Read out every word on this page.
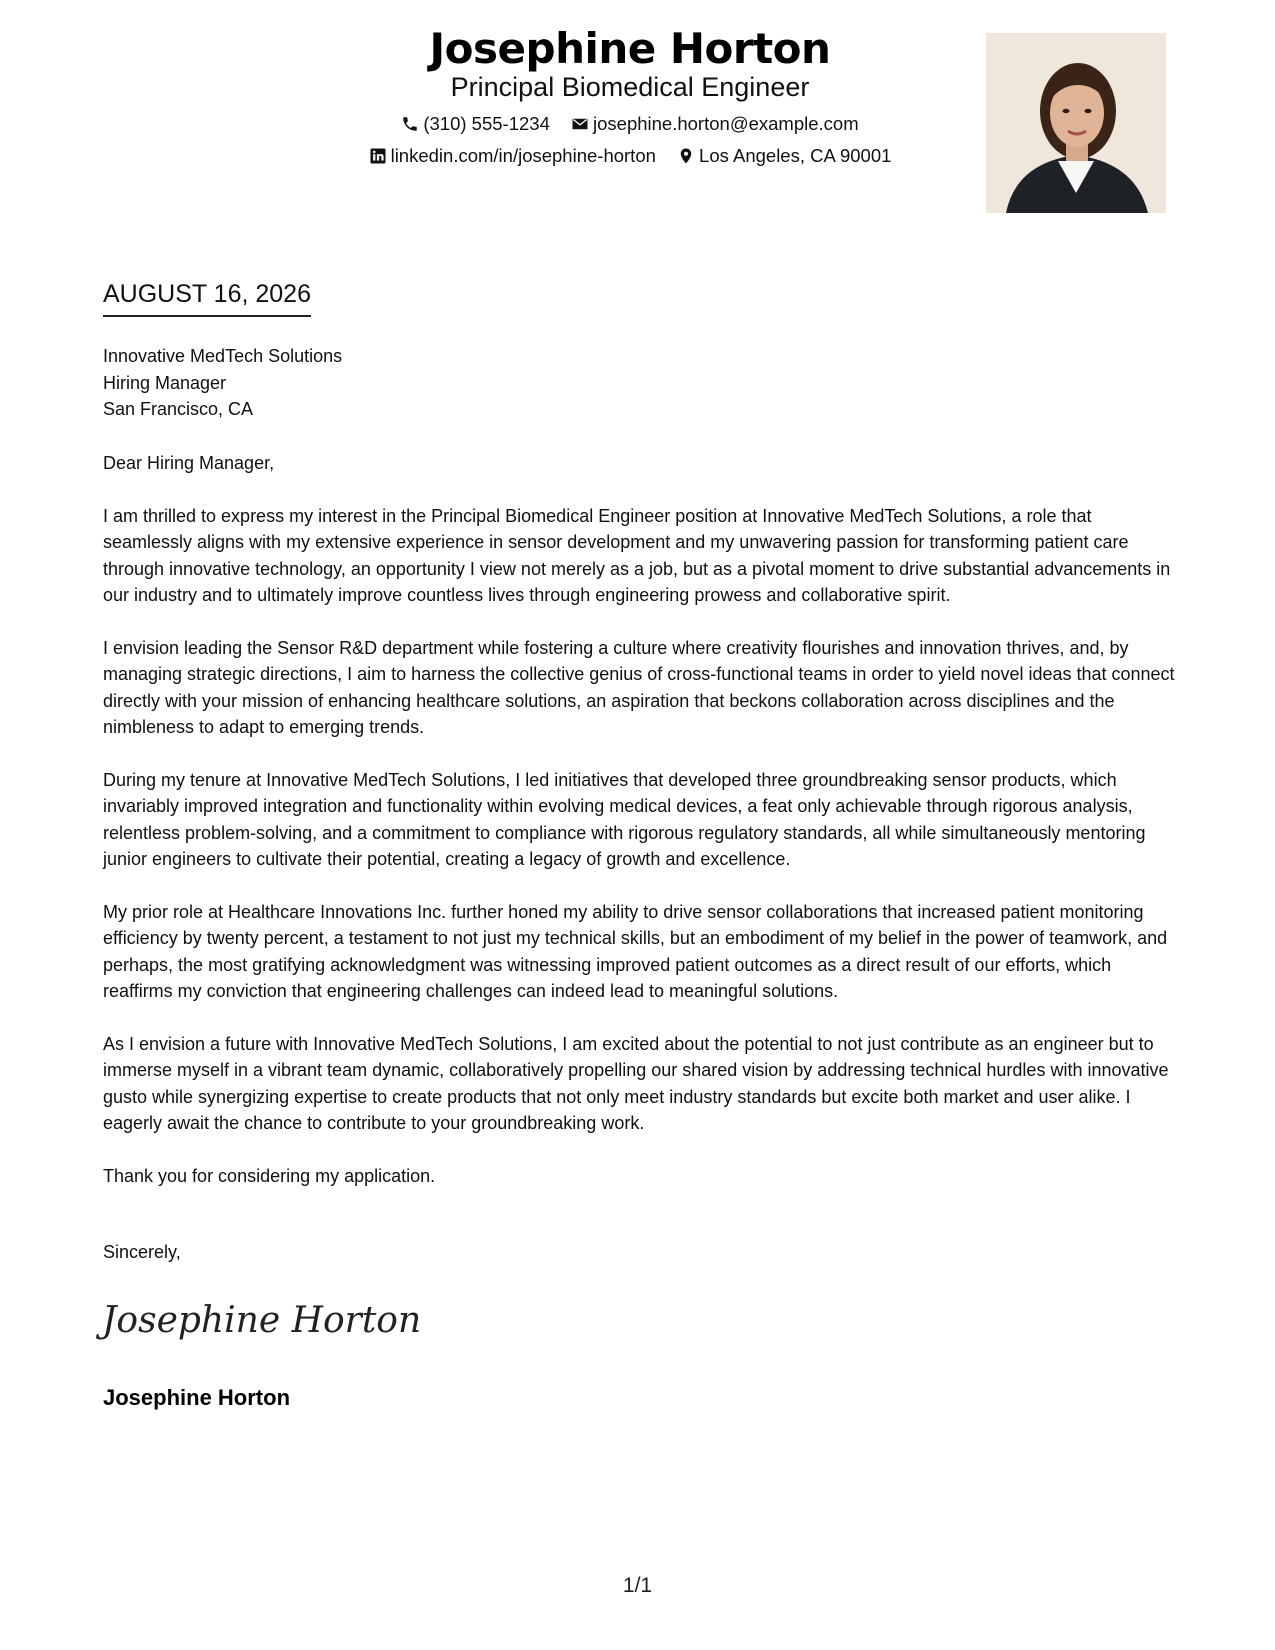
Josephine Horton
Principal Biomedical Engineer
(310) 555-1234
josephine.horton@example.com
linkedin.com/in/josephine-horton
Los Angeles, CA 90001
AUGUST 16, 2026
Innovative MedTech Solutions
Hiring Manager
San Francisco, CA

Dear Hiring Manager,

I am thrilled to express my interest in the Principal Biomedical Engineer position at Innovative MedTech Solutions, a role that seamlessly aligns with my extensive experience in sensor development and my unwavering passion for transforming patient care through innovative technology, an opportunity I view not merely as a job, but as a pivotal moment to drive substantial advancements in our industry and to ultimately improve countless lives through engineering prowess and collaborative spirit.

I envision leading the Sensor R&D department while fostering a culture where creativity flourishes and innovation thrives, and, by managing strategic directions, I aim to harness the collective genius of cross-functional teams in order to yield novel ideas that connect directly with your mission of enhancing healthcare solutions, an aspiration that beckons collaboration across disciplines and the nimbleness to adapt to emerging trends.

During my tenure at Innovative MedTech Solutions, I led initiatives that developed three groundbreaking sensor products, which invariably improved integration and functionality within evolving medical devices, a feat only achievable through rigorous analysis, relentless problem-solving, and a commitment to compliance with rigorous regulatory standards, all while simultaneously mentoring junior engineers to cultivate their potential, creating a legacy of growth and excellence.

My prior role at Healthcare Innovations Inc. further honed my ability to drive sensor collaborations that increased patient monitoring efficiency by twenty percent, a testament to not just my technical skills, but an embodiment of my belief in the power of teamwork, and perhaps, the most gratifying acknowledgment was witnessing improved patient outcomes as a direct result of our efforts, which reaffirms my conviction that engineering challenges can indeed lead to meaningful solutions.

As I envision a future with Innovative MedTech Solutions, I am excited about the potential to not just contribute as an engineer but to immerse myself in a vibrant team dynamic, collaboratively propelling our shared vision by addressing technical hurdles with innovative gusto while synergizing expertise to create products that not only meet industry standards but excite both market and user alike. I eagerly await the chance to contribute to your groundbreaking work.

Thank you for considering my application.

Sincerely,
Josephine Horton
Josephine Horton
1/1
